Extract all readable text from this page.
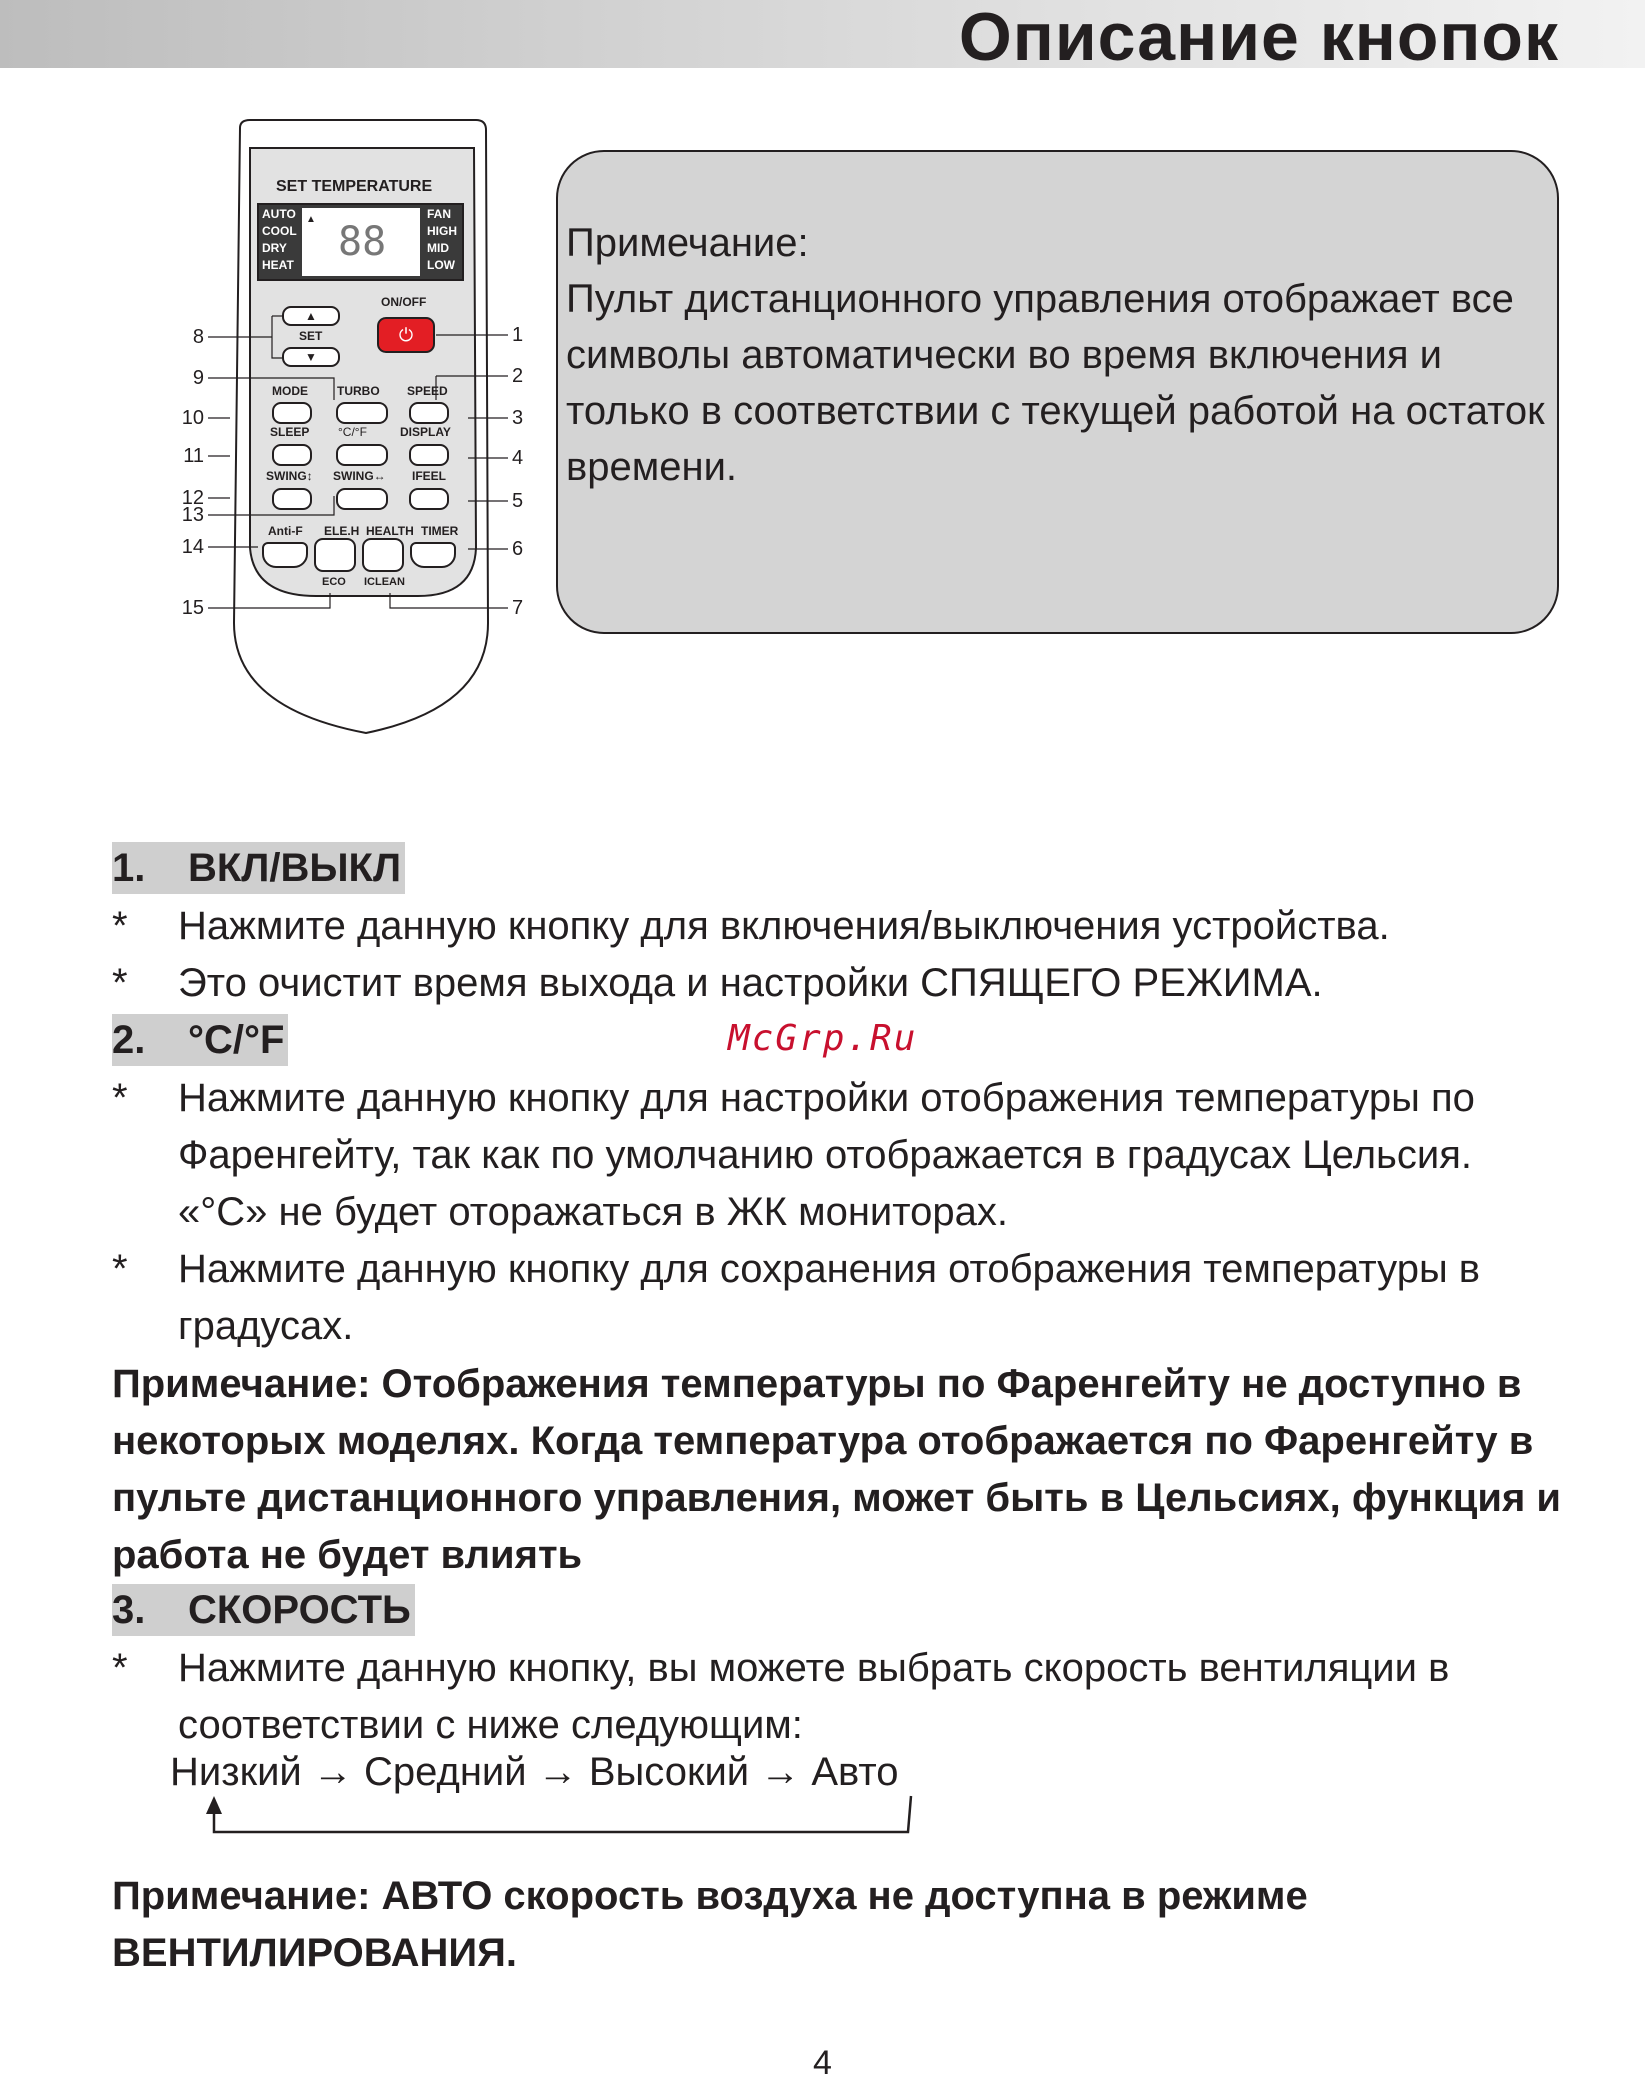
Описание кнопок
88
▲
SET TEMPERATURE
AUTO
COOL
DRY
HEAT
FAN
HIGH
MID
LOW
▲
SET
▼
ON/OFF
⏻
MODE TURBO SPEED
SLEEP °C/°F	DISPLAY
SWING↕ SWING↔ IFEEL
Anti-F ELE.H HEALTH TIMER
ECO ICLEAN
8
9
10
11
12
13
14
15
1
2
3
4
5
6
7
Примечание:
Пульт дистанционного управления отображает все символы автоматически во время включения и только в соответствии с текущей работой на остаток времени.
1. ВКЛ/ВЫКЛ
* Нажмите данную кнопку для включения/выключения устройства.
* Это очистит время выхода и настройки СПЯЩЕГО РЕЖИМА.
2. °C/°F	McGrp.Ru
* Нажмите данную кнопку для настройки отображения температуры по Фаренгейту, так как по умолчанию отображается в градусах Цельсия. «°C» не будет отоpажаться в ЖК мониторах.
* Нажмите данную кнопку для сохранения отображения температуры в градусах.
Примечание: Отображения температуры по Фаренгейту не доступно в некоторых моделях. Когда температура отображается по Фаренгейту в пульте дистанционного управления, может быть в Цельсиях, функция и работа не будет влиять
3. СКОРОСТЬ
* Нажмите данную кнопку, вы можете выбрать скорость вентиляции в соответствии с ниже следующим:
Низкий → Средний → Высокий → Авто
Примечание: АВТО скорость воздуха не доступна в режиме ВЕНТИЛИРОВАНИЯ.
4
